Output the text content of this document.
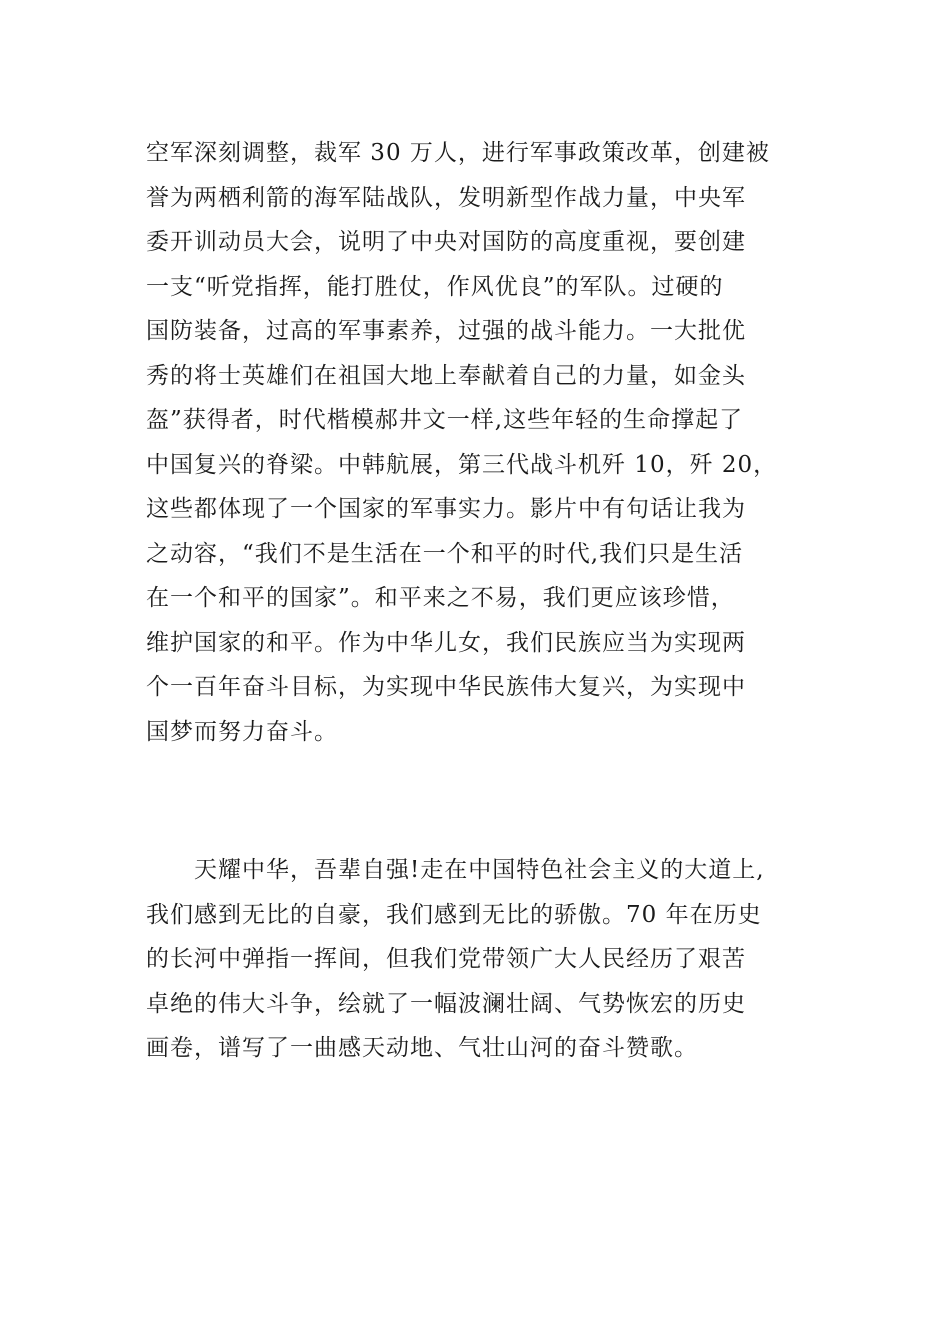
空军深刻调整，裁军 30 万人，进行军事政策改革，创建被
誉为两栖利箭的海军陆战队，发明新型作战力量，中央军
委开训动员大会，说明了中央对国防的高度重视，要创建
一支“听党指挥，能打胜仗，作风优良”的军队。过硬的
国防装备，过高的军事素养，过强的战斗能力。一大批优
秀的将士英雄们在祖国大地上奉献着自己的力量，如金头
盔”获得者，时代楷模郝井文一样,这些年轻的生命撑起了
中国复兴的脊梁。中韩航展，第三代战斗机歼 10，歼 20，
这些都体现了一个国家的军事实力。影片中有句话让我为
之动容，“我们不是生活在一个和平的时代,我们只是生活
在一个和平的国家”。和平来之不易，我们更应该珍惜，
维护国家的和平。作为中华儿女，我们民族应当为实现两
个一百年奋斗目标，为实现中华民族伟大复兴，为实现中
国梦而努力奋斗。
　　天耀中华，吾辈自强!走在中国特色社会主义的大道上,
我们感到无比的自豪，我们感到无比的骄傲。70 年在历史
的长河中弹指一挥间，但我们党带领广大人民经历了艰苦
卓绝的伟大斗争，绘就了一幅波澜壮阔、气势恢宏的历史
画卷，谱写了一曲感天动地、气壮山河的奋斗赞歌。
